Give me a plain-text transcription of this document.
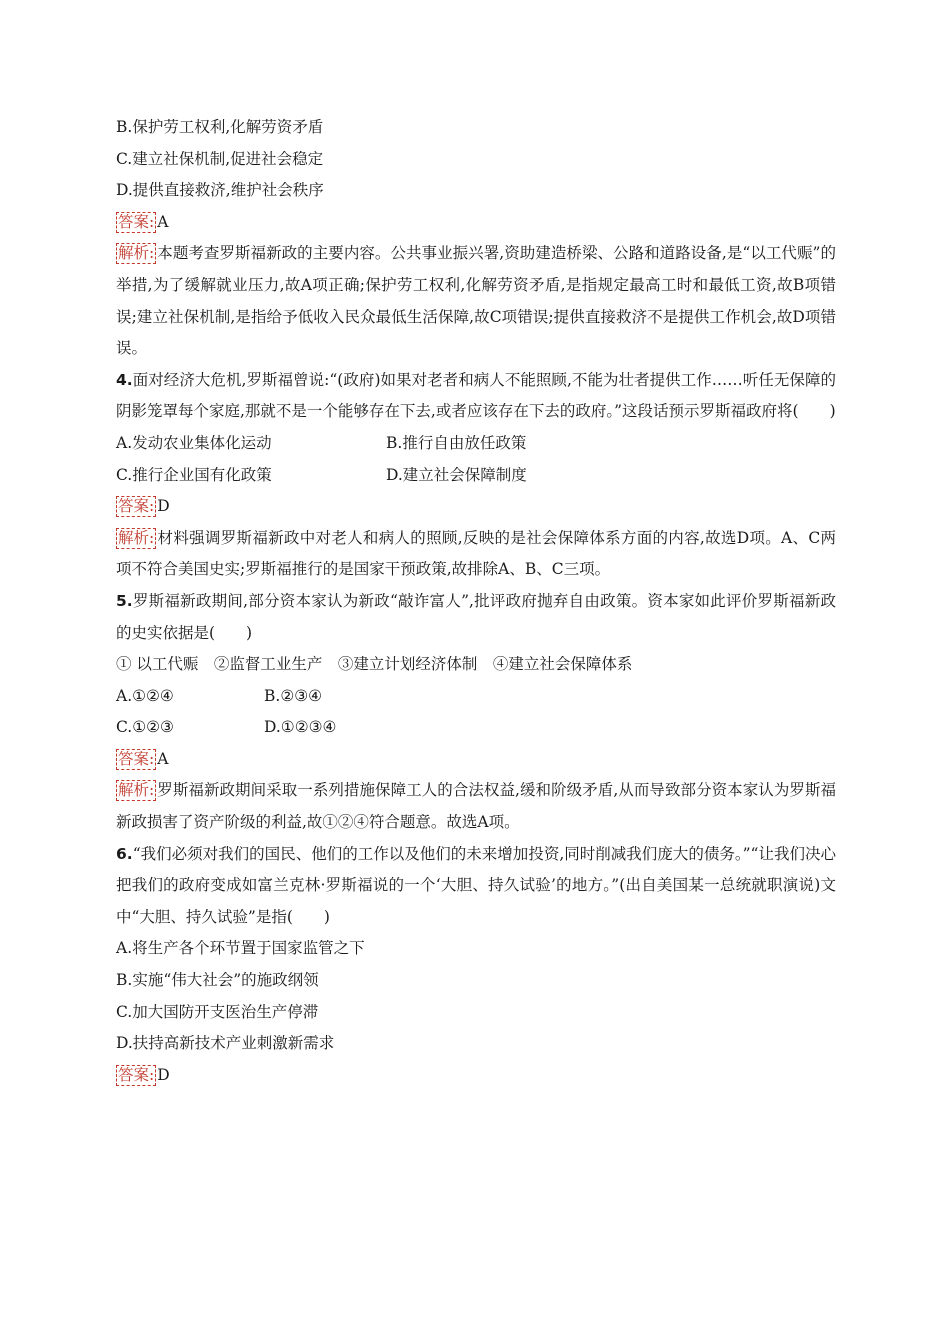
B.保护劳工权利,化解劳资矛盾
C.建立社保机制,促进社会稳定
D.提供直接救济,维护社会秩序
答案: A
解析: 本题考查罗斯福新政的主要内容。公共事业振兴署,资助建造桥梁、公路和道路设备,是“以工代赈”的举措,为了缓解就业压力,故A项正确;保护劳工权利,化解劳资矛盾,是指规定最高工时和最低工资,故B项错误;建立社保机制,是指给予低收入民众最低生活保障,故C项错误;提供直接救济不是提供工作机会,故D项错误。
4.面对经济大危机,罗斯福曾说:“(政府)如果对老者和病人不能照顾,不能为壮者提供工作……听任无保障的阴影笼罩每个家庭,那就不是一个能够存在下去,或者应该存在下去的政府。”这段话预示罗斯福政府将(　　)
A.发动农业集体化运动	B.推行自由放任政策
C.推行企业国有化政策	D.建立社会保障制度
答案: D
解析: 材料强调罗斯福新政中对老人和病人的照顾,反映的是社会保障体系方面的内容,故选D项。A、C两项不符合美国史实;罗斯福推行的是国家干预政策,故排除A、B、C三项。
5.罗斯福新政期间,部分资本家认为新政“敲诈富人”,批评政府抛弃自由政策。资本家如此评价罗斯福新政的史实依据是(　　)
① 以工代赈　②监督工业生产　③建立计划经济体制　④建立社会保障体系
A.①②④	B.②③④
C.①②③	D.①②③④
答案: A
解析: 罗斯福新政期间采取一系列措施保障工人的合法权益,缓和阶级矛盾,从而导致部分资本家认为罗斯福新政损害了资产阶级的利益,故①②④符合题意。故选A项。
6.“我们必须对我们的国民、他们的工作以及他们的未来增加投资,同时削减我们庞大的债务。”“让我们决心把我们的政府变成如富兰克林·罗斯福说的一个‘大胆、持久试验’的地方。”(出自美国某一总统就职演说)文中“大胆、持久试验”是指(　　)
A.将生产各个环节置于国家监管之下
B.实施“伟大社会”的施政纲领
C.加大国防开支医治生产停滞
D.扶持高新技术产业刺激新需求
答案: D
